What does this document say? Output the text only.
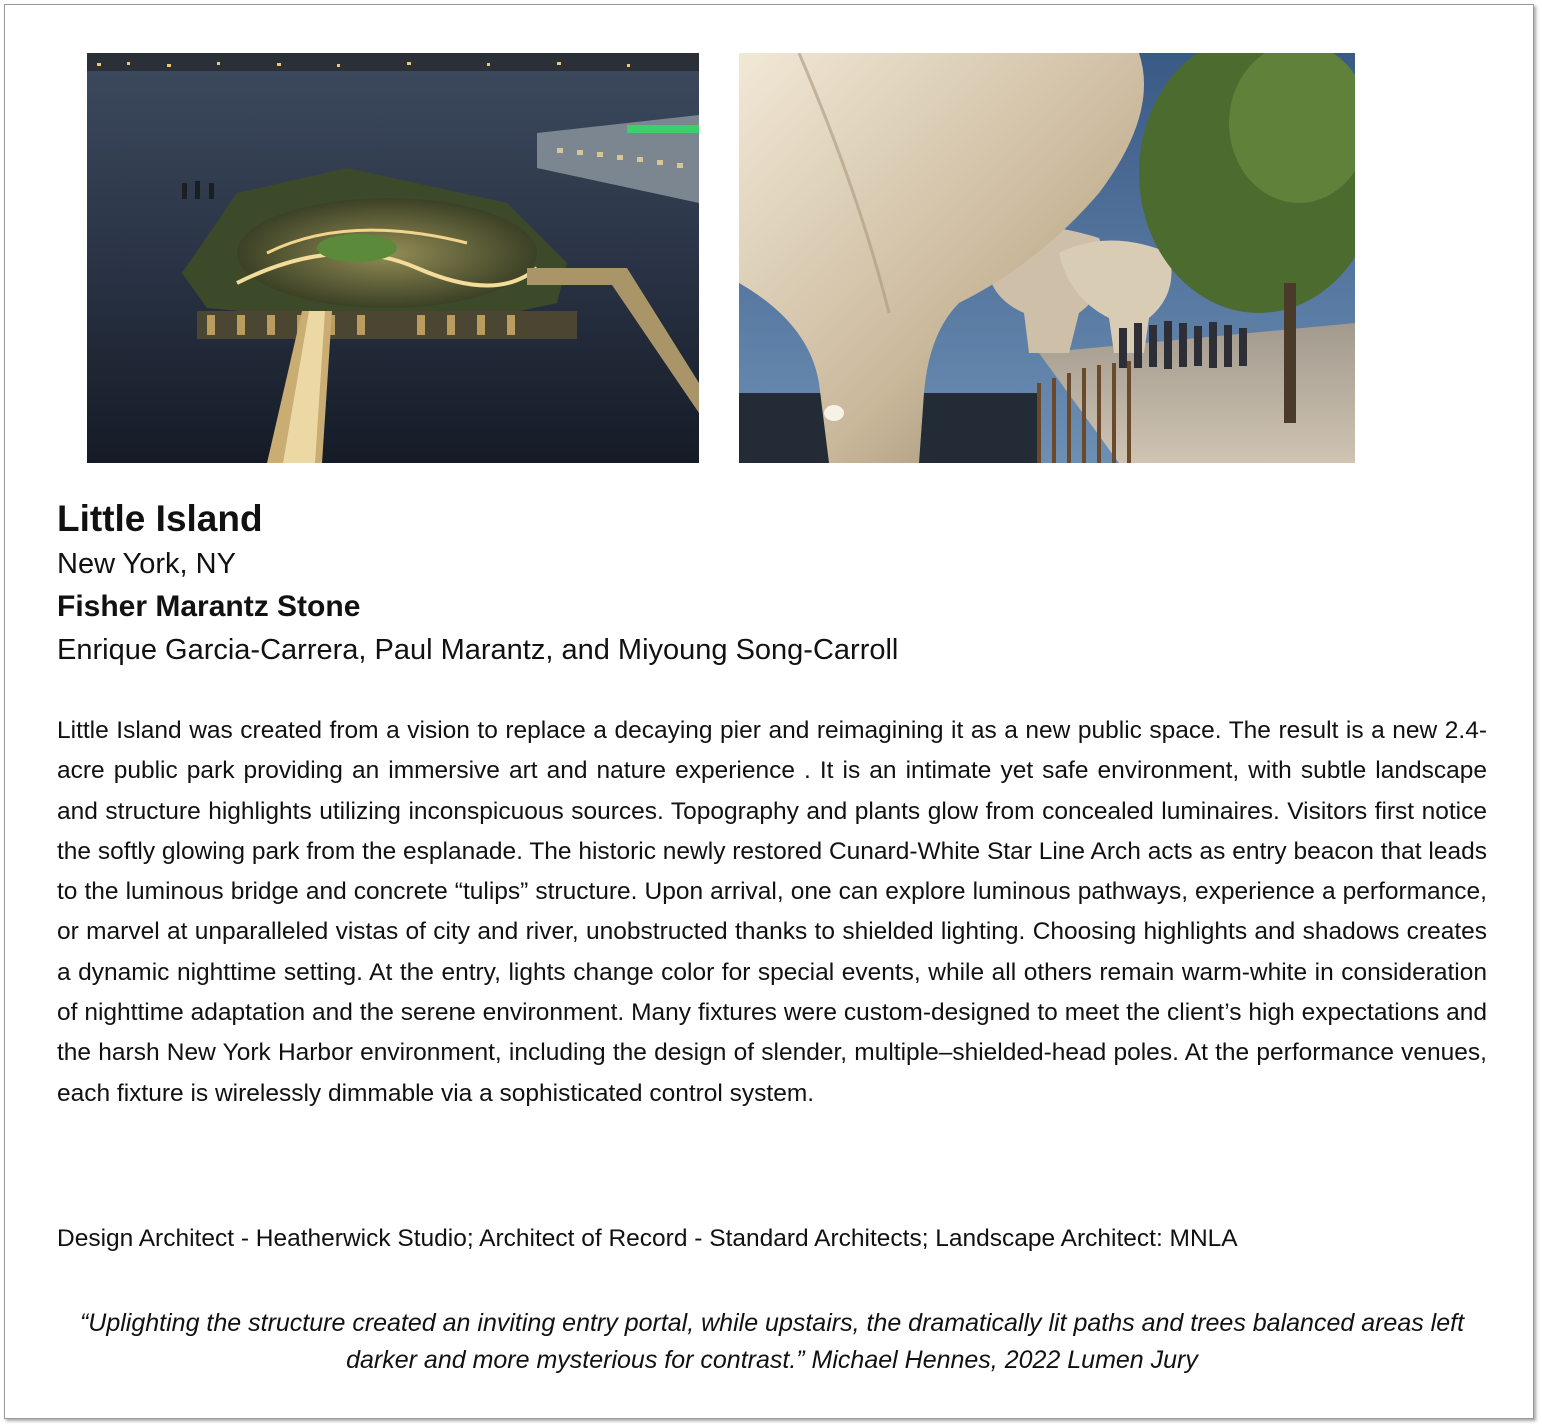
Little Island
New York, NY
Fisher Marantz Stone
Enrique Garcia-Carrera, Paul Marantz, and Miyoung Song-Carroll

Little Island was created from a vision to replace a decaying pier and reimagining it as a new public space. The result is a new 2.4-acre public park providing an immersive art and nature experience . It is an intimate yet safe environment, with subtle landscape and structure highlights utilizing inconspicuous sources. Topography and plants glow from concealed luminaires. Visitors first notice the softly glowing park from the esplanade. The historic newly restored Cunard-White Star Line Arch acts as entry beacon that leads to the luminous bridge and concrete “tulips” structure. Upon arrival, one can explore luminous pathways, experience a performance, or marvel at unparalleled vistas of city and river, unobstructed thanks to shielded lighting. Choosing highlights and shadows creates a dynamic nighttime setting. At the entry, lights change color for special events, while all others remain warm-white in consideration of nighttime adaptation and the serene environment. Many fixtures were custom-designed to meet the client’s high expectations and the harsh New York Harbor environment, including the design of slender, multiple–shielded-head poles. At the performance venues, each fixture is wirelessly dimmable via a sophisticated control system.

Design Architect - Heatherwick Studio; Architect of Record - Standard Architects; Landscape Architect: MNLA

“Uplighting the structure created an inviting entry portal, while upstairs, the dramatically lit paths and trees balanced areas left darker and more mysterious for contrast.” Michael Hennes, 2022 Lumen Jury
